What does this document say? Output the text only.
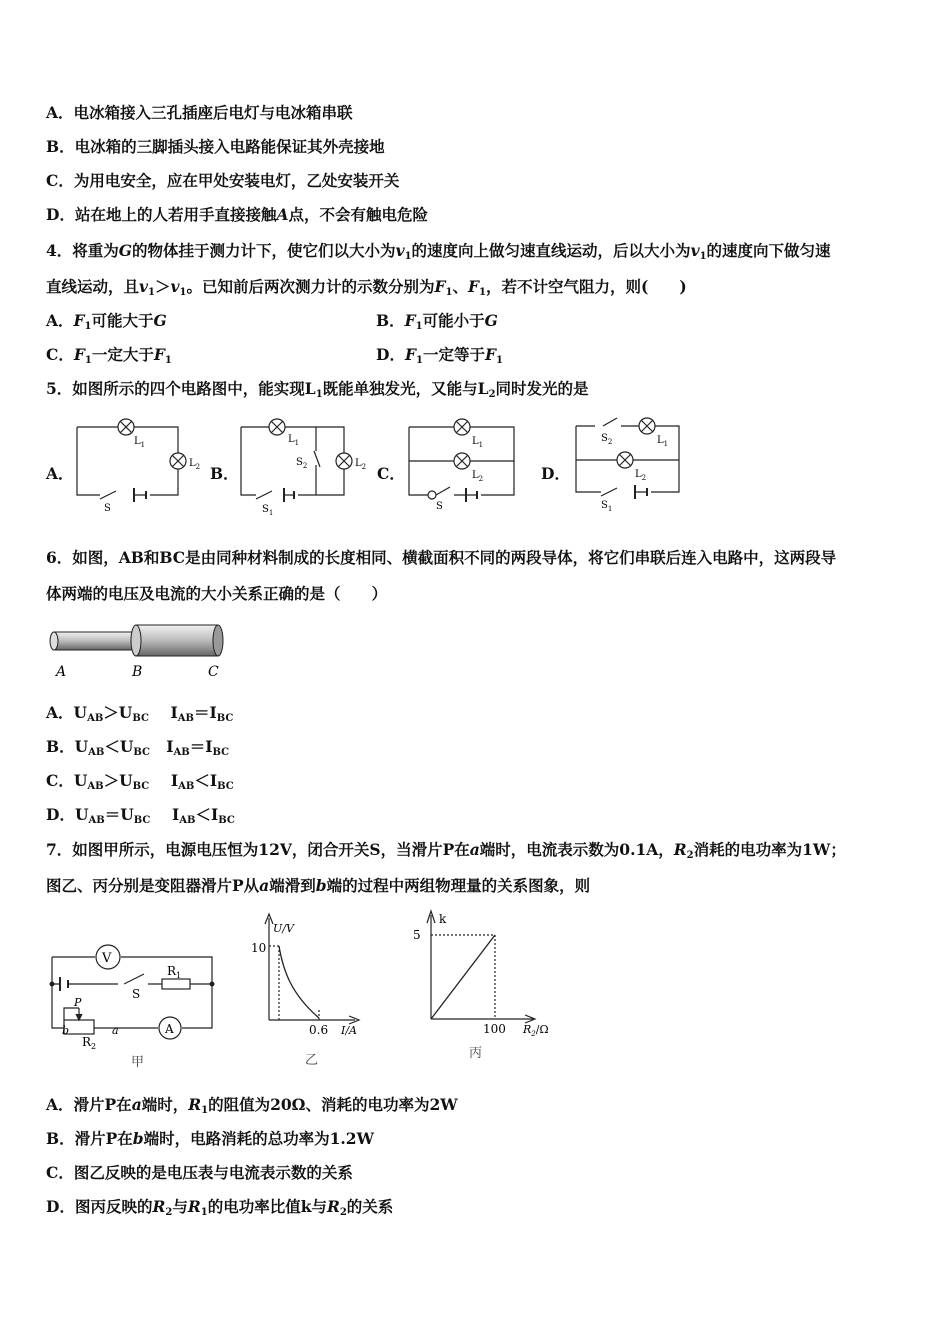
A．电冰箱接入三孔插座后电灯与电冰箱串联
B．电冰箱的三脚插头接入电路能保证其外壳接地
C．为用电安全，应在甲处安装电灯，乙处安装开关
D．站在地上的人若用手直接接触A点，不会有触电危险
4．将重为G的物体挂于测力计下，使它们以大小为$v_1$的速度向上做匀速直线运动，后以大小为$v_1$的速度向下做匀速
直线运动，且$v_1>v_1$。已知前后两次测力计的示数分别为$F_1$、$F_1$，若不计空气阻力，则(　　)
A．$F_1$可能大于G	B．$F_1$可能小于G
C．$F_1$一定大于$F_1$	D．$F_1$一定等于$F_1$
5．如图所示的四个电路图中，能实现$L_1$既能单独发光，又能与$L_2$同时发光的是
A．	B．	C．	D．
$L_1$
$L_2$
S
$L_1$
$S_2$	$L_2$
$S_1$
$L_1$
$L_2$
S
$S_2$	$L_1$
$L_2$
$S_1$
6．如图，AB和BC是由同种材料制成的长度相同、横截面积不同的两段导体，将它们串联后连入电路中，这两段导
体两端的电压及电流的大小关系正确的是（　　）
A	B	C
A．$U_{AB}>U_{BC}$ $I_{AB}=I_{BC}$
B．$U_{AB}<U_{BC}$ $I_{AB}=I_{BC}$
C．$U_{AB}>U_{BC}$ $I_{AB}<I_{BC}$
D．$U_{AB}=U_{BC}$ $I_{AB}<I_{BC}$
7．如图甲所示，电源电压恒为12V，闭合开关S，当滑片P在a端时，电流表示数为0.1A，$R_2$消耗的电功率为1W；
图乙、丙分别是变阻器滑片P从a端滑到b端的过程中两组物理量的关系图象，则
V
A
S
$R_1$
P
$R_2$
b	a
甲
U/V
10
0.6 I/A
乙
k
5
100 $R_2/\Omega$
丙
A．滑片P在a端时，$R_1$的阻值为20Ω、消耗的电功率为2W
B．滑片P在b端时，电路消耗的总功率为1.2W
C．图乙反映的是电压表与电流表示数的关系
D．图丙反映的$R_2$与$R_1$的电功率比值k与$R_2$的关系
